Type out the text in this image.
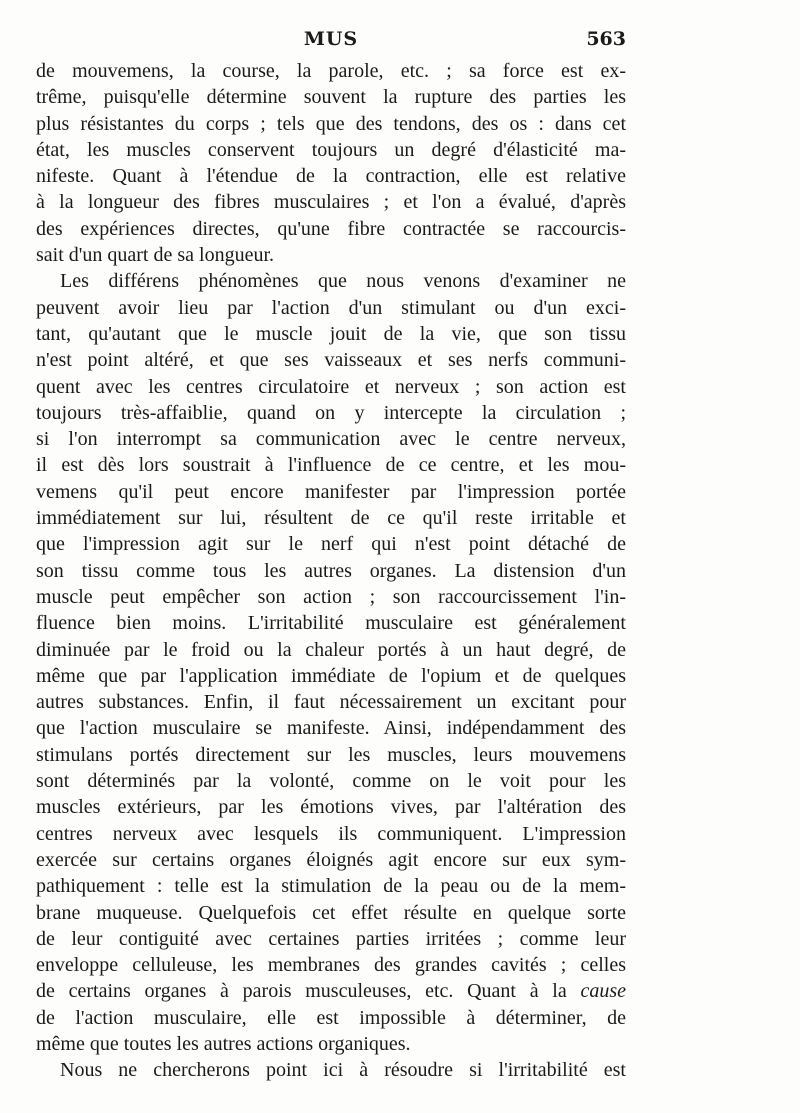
MUS	563
de mouvemens, la course, la parole, etc. ; sa force est ex-
trême, puisqu'elle détermine souvent la rupture des parties les
plus résistantes du corps ; tels que des tendons, des os : dans cet
état, les muscles conservent toujours un degré d'élasticité ma-
nifeste. Quant à l'étendue de la contraction, elle est relative
à la longueur des fibres musculaires ; et l'on a évalué, d'après
des expériences directes, qu'une fibre contractée se raccourcis-
sait d'un quart de sa longueur.
Les différens phénomènes que nous venons d'examiner ne
peuvent avoir lieu par l'action d'un stimulant ou d'un exci-
tant, qu'autant que le muscle jouit de la vie, que son tissu
n'est point altéré, et que ses vaisseaux et ses nerfs communi-
quent avec les centres circulatoire et nerveux ; son action est
toujours très-affaiblie, quand on y intercepte la circulation ;
si l'on interrompt sa communication avec le centre nerveux,
il est dès lors soustrait à l'influence de ce centre, et les mou-
vemens qu'il peut encore manifester par l'impression portée
immédiatement sur lui, résultent de ce qu'il reste irritable et
que l'impression agit sur le nerf qui n'est point détaché de
son tissu comme tous les autres organes. La distension d'un
muscle peut empêcher son action ; son raccourcissement l'in-
fluence bien moins. L'irritabilité musculaire est généralement
diminuée par le froid ou la chaleur portés à un haut degré, de
même que par l'application immédiate de l'opium et de quelques
autres substances. Enfin, il faut nécessairement un excitant pour
que l'action musculaire se manifeste. Ainsi, indépendamment des
stimulans portés directement sur les muscles, leurs mouvemens
sont déterminés par la volonté, comme on le voit pour les
muscles extérieurs, par les émotions vives, par l'altération des
centres nerveux avec lesquels ils communiquent. L'impression
exercée sur certains organes éloignés agit encore sur eux sym-
pathiquement : telle est la stimulation de la peau ou de la mem-
brane muqueuse. Quelquefois cet effet résulte en quelque sorte
de leur contiguité avec certaines parties irritées ; comme leur
enveloppe celluleuse, les membranes des grandes cavités ; celles
de certains organes à parois musculeuses, etc. Quant à la cause
de l'action musculaire, elle est impossible à déterminer, de
même que toutes les autres actions organiques.
Nous ne chercherons point ici à résoudre si l'irritabilité est
